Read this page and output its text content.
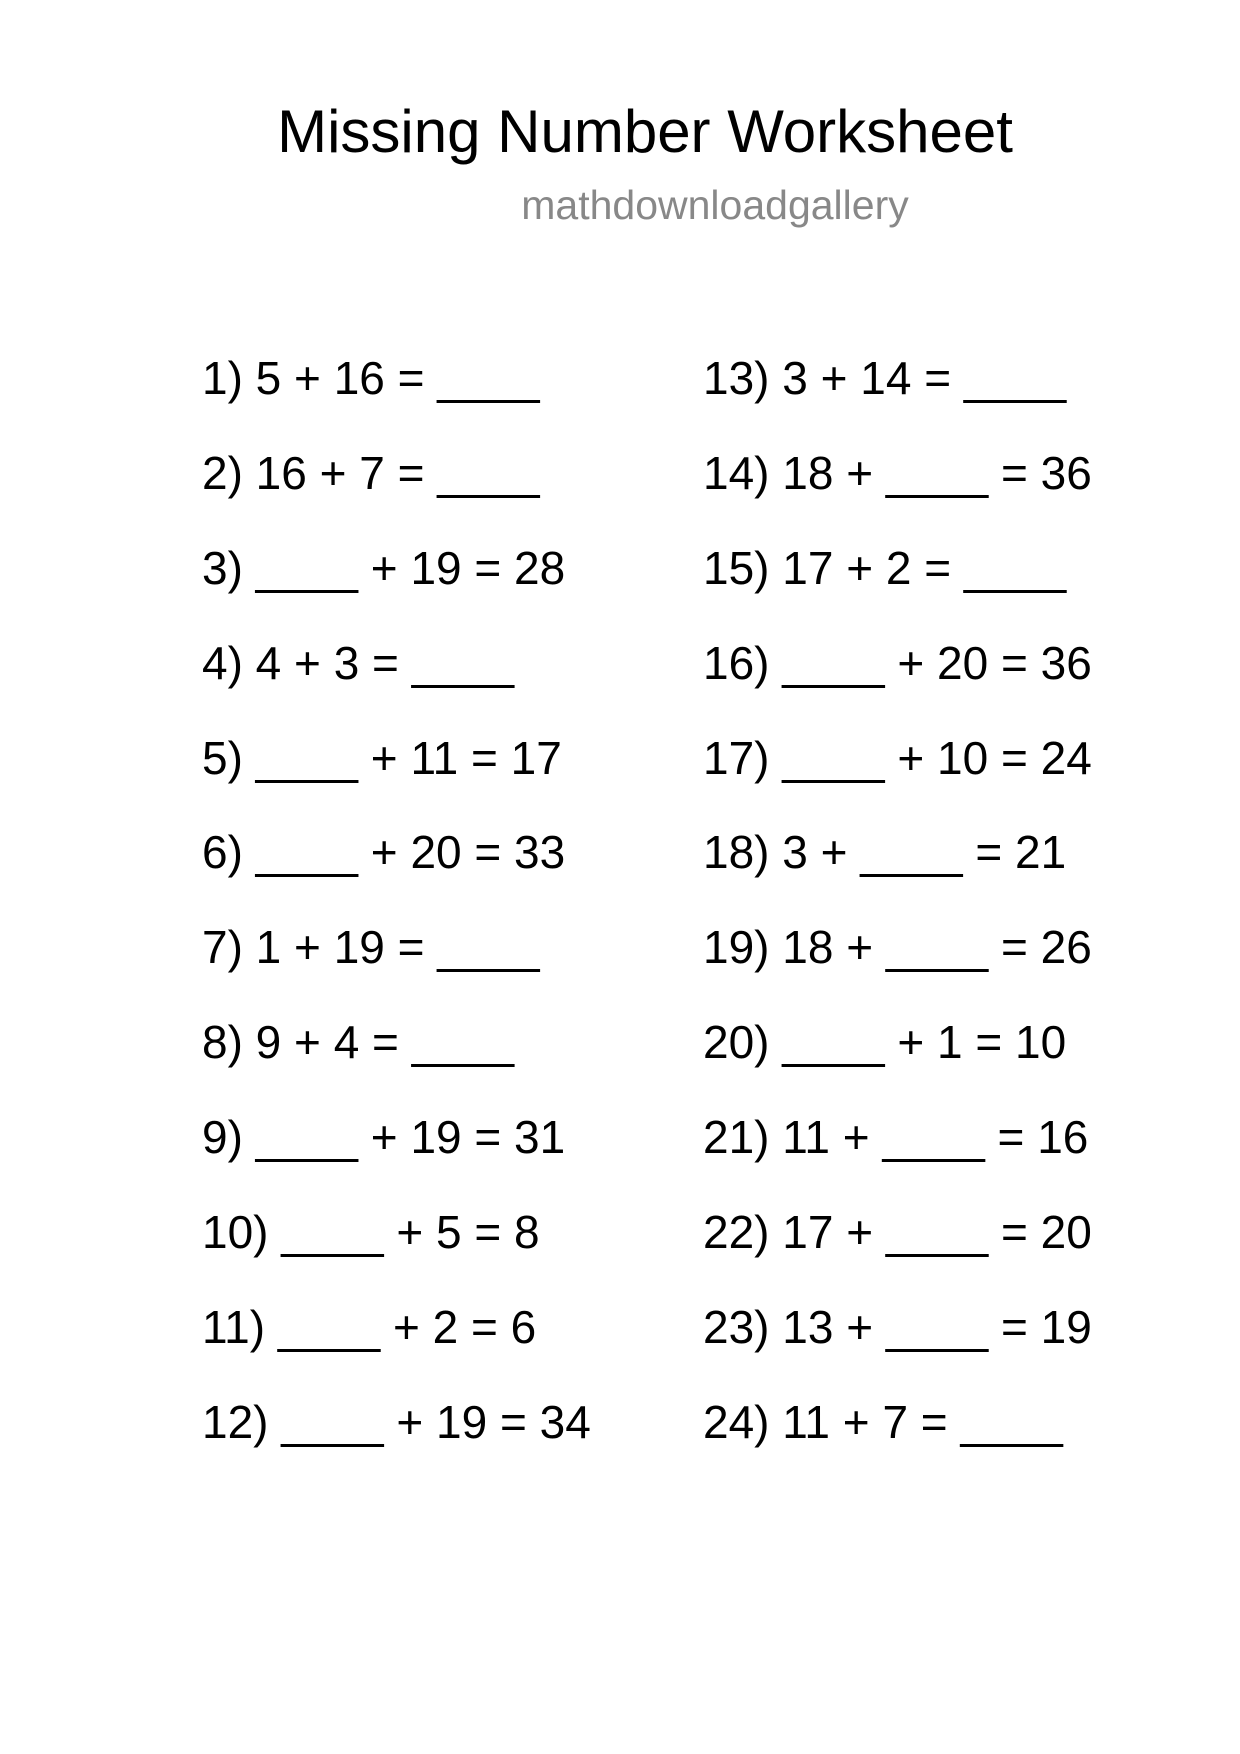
Missing Number Worksheet
mathdownloadgallery
1) 5 + 16 = ____
2) 16 + 7 = ____
3) ____ + 19 = 28
4) 4 + 3 = ____
5) ____ + 11 = 17
6) ____ + 20 = 33
7) 1 + 19 = ____
8) 9 + 4 = ____
9) ____ + 19 = 31
10) ____ + 5 = 8
11) ____ + 2 = 6
12) ____ + 19 = 34
13) 3 + 14 = ____
14) 18 + ____ = 36
15) 17 + 2 = ____
16) ____ + 20 = 36
17) ____ + 10 = 24
18) 3 + ____ = 21
19) 18 + ____ = 26
20) ____ + 1 = 10
21) 11 + ____ = 16
22) 17 + ____ = 20
23) 13 + ____ = 19
24) 11 + 7 = ____
